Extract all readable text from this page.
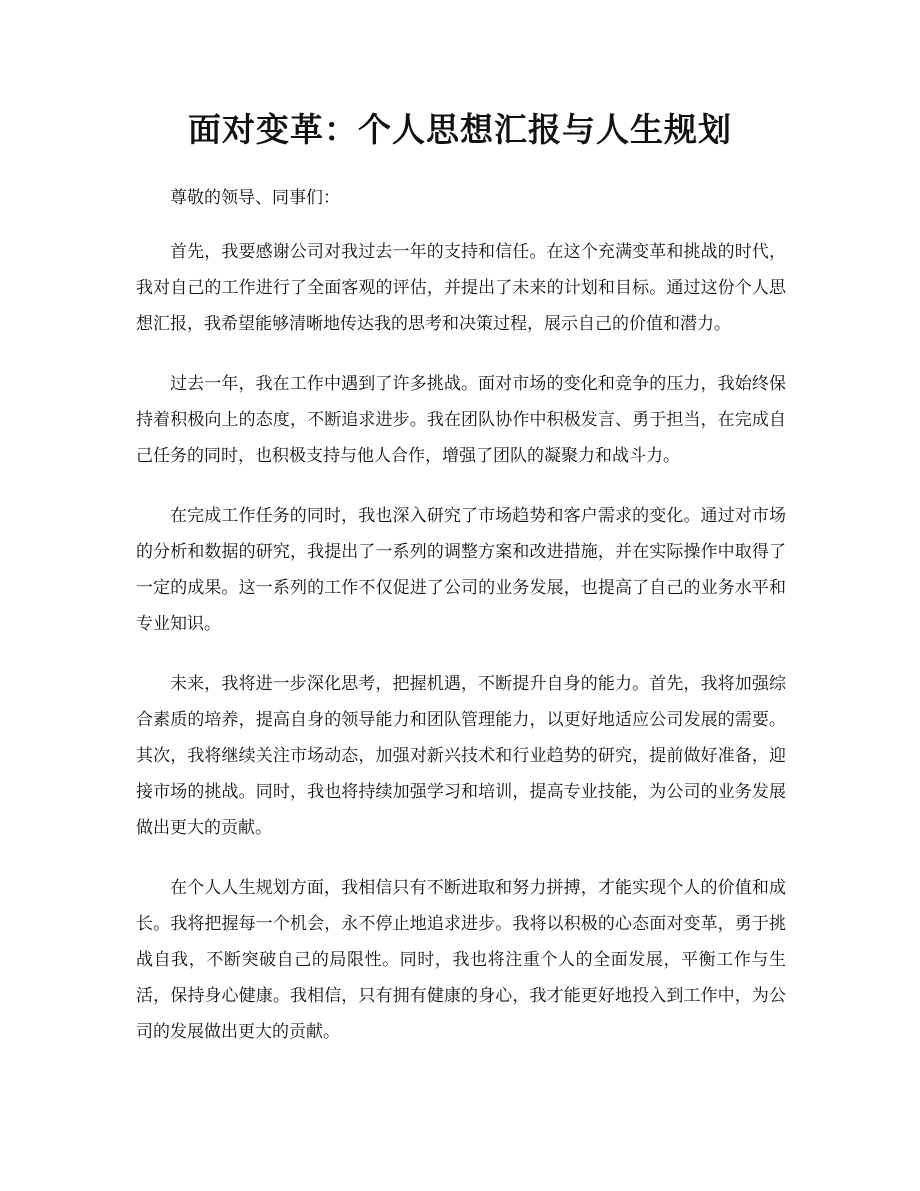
面对变革：个人思想汇报与人生规划

尊敬的领导、同事们：

首先，我要感谢公司对我过去一年的支持和信任。在这个充满变革和挑战的时代，我对自己的工作进行了全面客观的评估，并提出了未来的计划和目标。通过这份个人思想汇报，我希望能够清晰地传达我的思考和决策过程，展示自己的价值和潜力。

过去一年，我在工作中遇到了许多挑战。面对市场的变化和竞争的压力，我始终保持着积极向上的态度，不断追求进步。我在团队协作中积极发言、勇于担当，在完成自己任务的同时，也积极支持与他人合作，增强了团队的凝聚力和战斗力。

在完成工作任务的同时，我也深入研究了市场趋势和客户需求的变化。通过对市场的分析和数据的研究，我提出了一系列的调整方案和改进措施，并在实际操作中取得了一定的成果。这一系列的工作不仅促进了公司的业务发展，也提高了自己的业务水平和专业知识。

未来，我将进一步深化思考，把握机遇，不断提升自身的能力。首先，我将加强综合素质的培养，提高自身的领导能力和团队管理能力，以更好地适应公司发展的需要。其次，我将继续关注市场动态，加强对新兴技术和行业趋势的研究，提前做好准备，迎接市场的挑战。同时，我也将持续加强学习和培训，提高专业技能，为公司的业务发展做出更大的贡献。

在个人人生规划方面，我相信只有不断进取和努力拼搏，才能实现个人的价值和成长。我将把握每一个机会，永不停止地追求进步。我将以积极的心态面对变革，勇于挑战自我，不断突破自己的局限性。同时，我也将注重个人的全面发展，平衡工作与生活，保持身心健康。我相信，只有拥有健康的身心，我才能更好地投入到工作中，为公司的发展做出更大的贡献。
